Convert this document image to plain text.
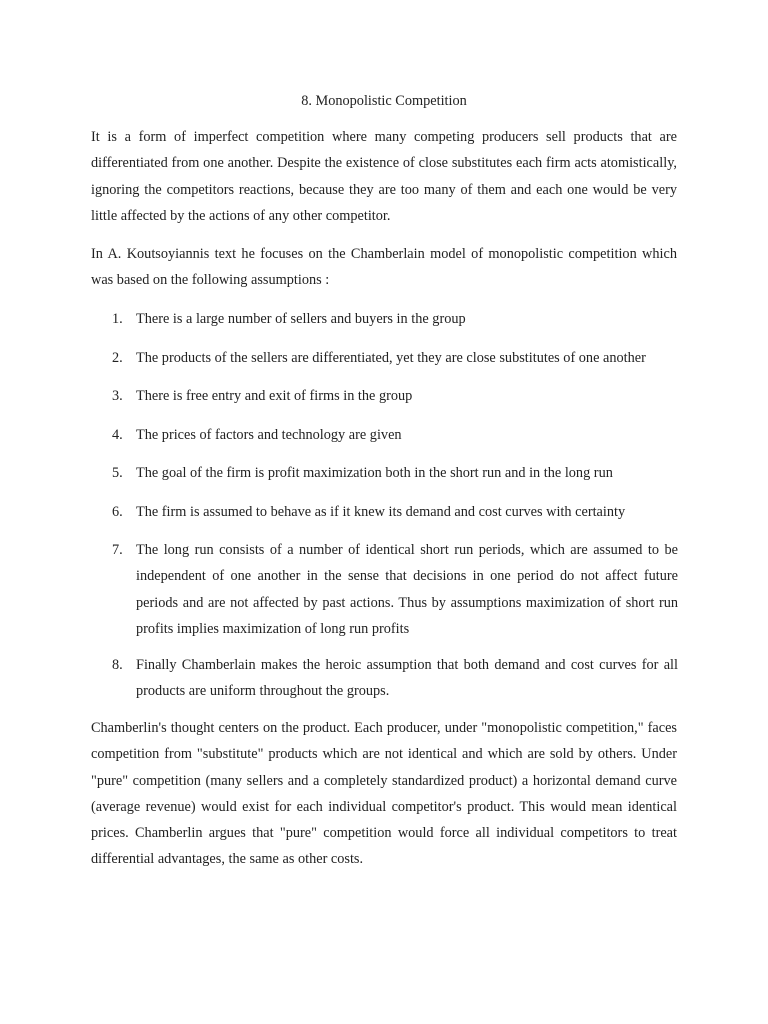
8. Monopolistic Competition

It is a form of imperfect competition where many competing producers sell products that are differentiated from one another. Despite the existence of close substitutes each firm acts atomistically, ignoring the competitors reactions, because they are too many of them and each one would be very little affected by the actions of any other competitor.

In A. Koutsoyiannis text he focuses on the Chamberlain model of monopolistic competition which was based on the following assumptions :

1. There is a large number of sellers and buyers in the group
2. The products of the sellers are differentiated, yet they are close substitutes of one another
3. There is free entry and exit of firms in the group
4. The prices of factors and technology are given
5. The goal of the firm is profit maximization both in the short run and in the long run
6. The firm is assumed to behave as if it knew its demand and cost curves with certainty
7. The long run consists of a number of identical short run periods, which are assumed to be independent of one another in the sense that decisions in one period do not affect future periods and are not affected by past actions. Thus by assumptions maximization of short run profits implies maximization of long run profits
8. Finally Chamberlain makes the heroic assumption that both demand and cost curves for all products are uniform throughout the groups.

Chamberlin's thought centers on the product. Each producer, under "monopolistic competition," faces competition from "substitute" products which are not identical and which are sold by others. Under "pure" competition (many sellers and a completely standardized product) a horizontal demand curve (average revenue) would exist for each individual competitor's product. This would mean identical prices. Chamberlin argues that "pure" competition would force all individual competitors to treat differential advantages, the same as other costs.
